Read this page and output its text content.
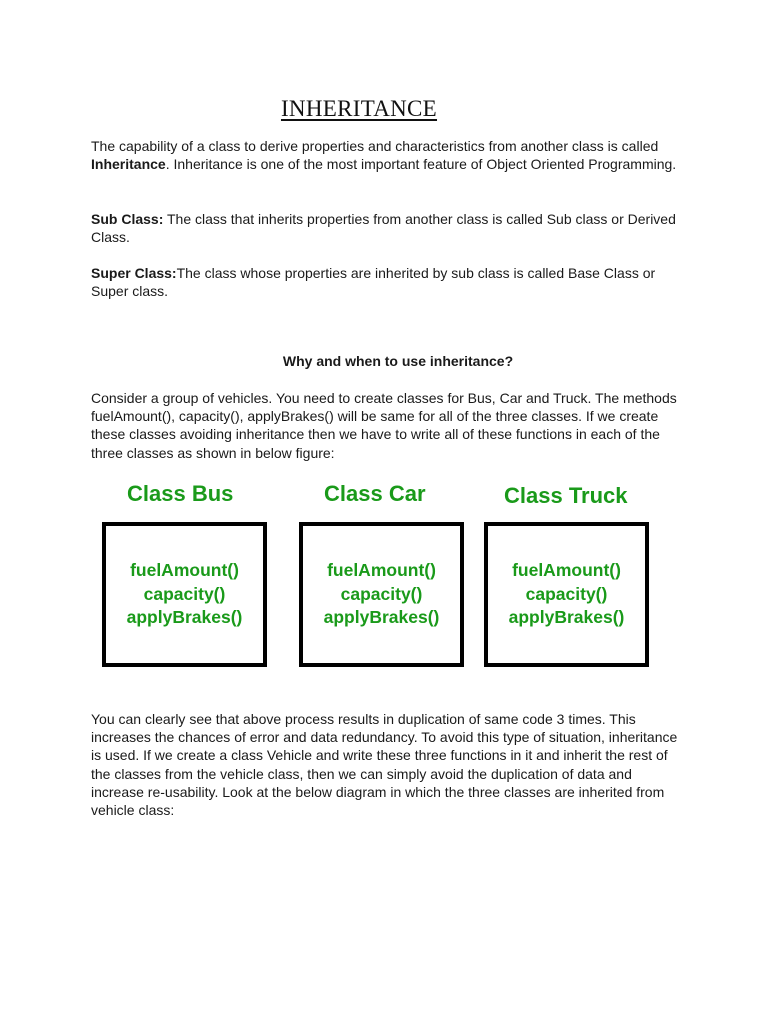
INHERITANCE

The capability of a class to derive properties and characteristics from another class is called Inheritance. Inheritance is one of the most important feature of Object Oriented Programming.

Sub Class: The class that inherits properties from another class is called Sub class or Derived Class.

Super Class:The class whose properties are inherited by sub class is called Base Class or Super class.

Why and when to use inheritance?

Consider a group of vehicles. You need to create classes for Bus, Car and Truck. The methods fuelAmount(), capacity(), applyBrakes() will be same for all of the three classes. If we create these classes avoiding inheritance then we have to write all of these functions in each of the three classes as shown in below figure:

Class Bus	Class Car	Class Truck
fuelAmount()
capacity()
applyBrakes()
fuelAmount()
capacity()
applyBrakes()
fuelAmount()
capacity()
applyBrakes()

You can clearly see that above process results in duplication of same code 3 times. This increases the chances of error and data redundancy. To avoid this type of situation, inheritance is used. If we create a class Vehicle and write these three functions in it and inherit the rest of the classes from the vehicle class, then we can simply avoid the duplication of data and increase re-usability. Look at the below diagram in which the three classes are inherited from vehicle class:
